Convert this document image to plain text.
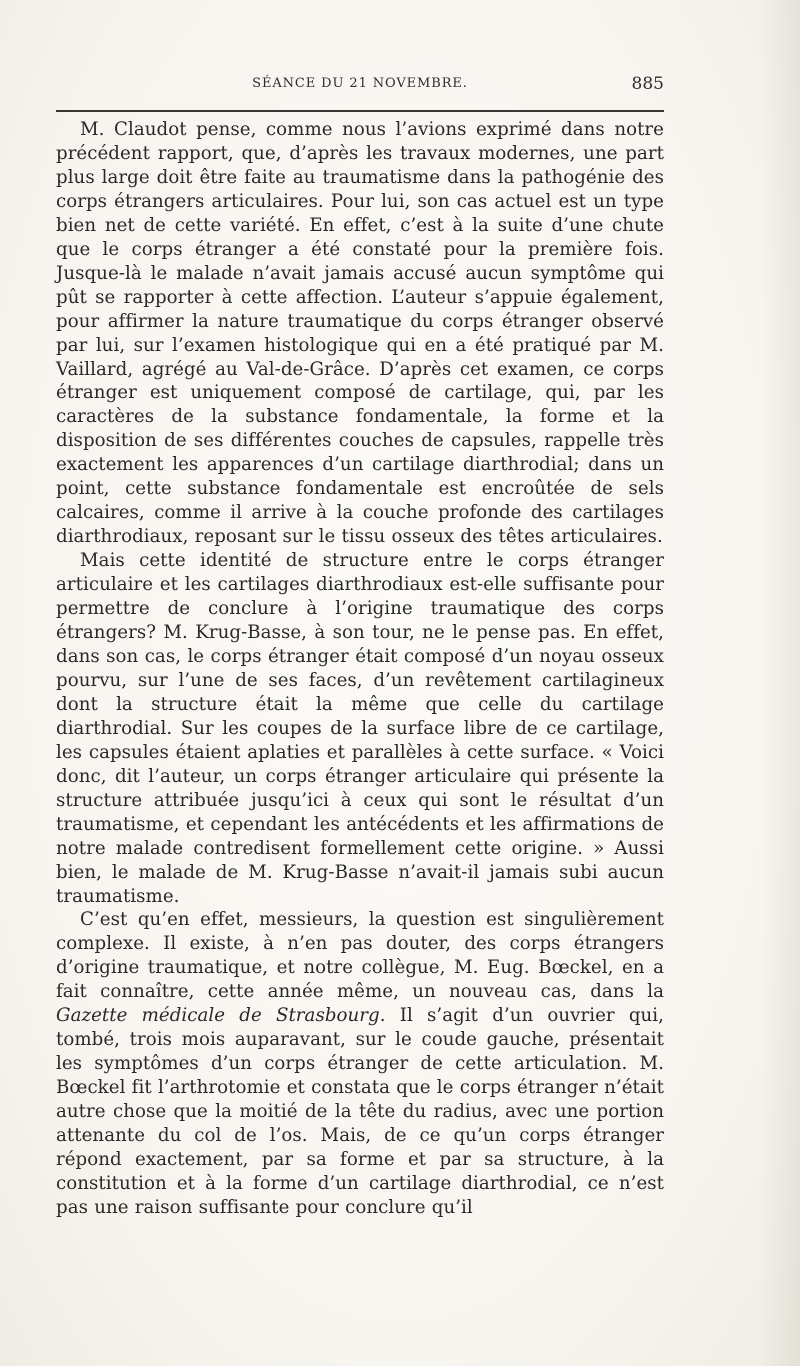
SÉANCE DU 21 NOVEMBRE.	885

M. Claudot pense, comme nous l’avions exprimé dans notre précédent rapport, que, d’après les travaux modernes, une part plus large doit être faite au traumatisme dans la pathogénie des corps étrangers articulaires. Pour lui, son cas actuel est un type bien net de cette variété. En effet, c’est à la suite d’une chute que le corps étranger a été constaté pour la première fois. Jusque-là le malade n’avait jamais accusé aucun symptôme qui pût se rapporter à cette affection. L’auteur s’appuie également, pour affirmer la nature traumatique du corps étranger observé par lui, sur l’examen histologique qui en a été pratiqué par M. Vaillard, agrégé au Val-de-Grâce. D’après cet examen, ce corps étranger est uniquement composé de cartilage, qui, par les caractères de la substance fondamentale, la forme et la disposition de ses différentes couches de capsules, rappelle très exactement les apparences d’un cartilage diarthrodial; dans un point, cette substance fondamentale est encroûtée de sels calcaires, comme il arrive à la couche profonde des cartilages diarthrodiaux, reposant sur le tissu osseux des têtes articulaires.

Mais cette identité de structure entre le corps étranger articulaire et les cartilages diarthrodiaux est-elle suffisante pour permettre de conclure à l’origine traumatique des corps étrangers? M. Krug-Basse, à son tour, ne le pense pas. En effet, dans son cas, le corps étranger était composé d’un noyau osseux pourvu, sur l’une de ses faces, d’un revêtement cartilagineux dont la structure était la même que celle du cartilage diarthrodial. Sur les coupes de la surface libre de ce cartilage, les capsules étaient aplaties et parallèles à cette surface. « Voici donc, dit l’auteur, un corps étranger articulaire qui présente la structure attribuée jusqu’ici à ceux qui sont le résultat d’un traumatisme, et cependant les antécédents et les affirmations de notre malade contredisent formellement cette origine. » Aussi bien, le malade de M. Krug-Basse n’avait-il jamais subi aucun traumatisme.

C’est qu’en effet, messieurs, la question est singulièrement complexe. Il existe, à n’en pas douter, des corps étrangers d’origine traumatique, et notre collègue, M. Eug. Bœckel, en a fait connaître, cette année même, un nouveau cas, dans la Gazette médicale de Strasbourg. Il s’agit d’un ouvrier qui, tombé, trois mois auparavant, sur le coude gauche, présentait les symptômes d’un corps étranger de cette articulation. M. Bœckel fit l’arthrotomie et constata que le corps étranger n’était autre chose que la moitié de la tête du radius, avec une portion attenante du col de l’os. Mais, de ce qu’un corps étranger répond exactement, par sa forme et par sa structure, à la constitution et à la forme d’un cartilage diarthrodial, ce n’est pas une raison suffisante pour conclure qu’il
